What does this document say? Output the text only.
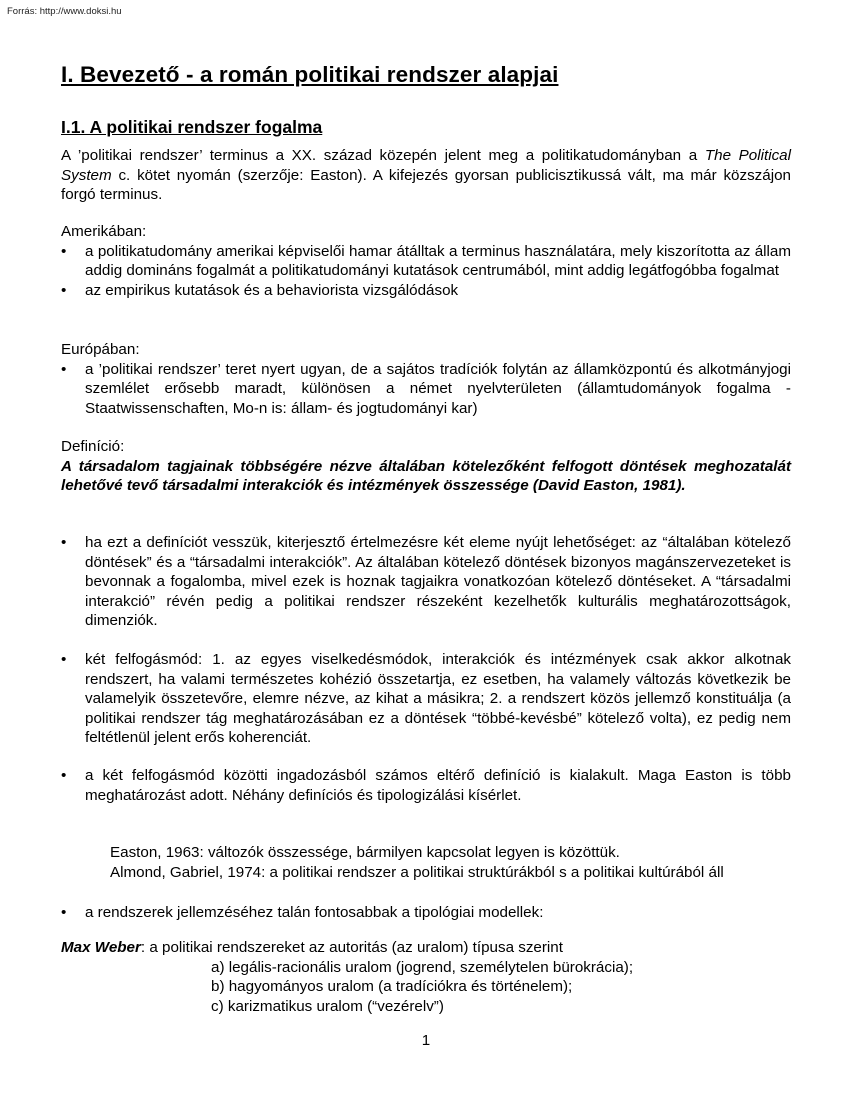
Forrás: http://www.doksi.hu
I. Bevezető - a román politikai rendszer alapjai
I.1. A politikai rendszer fogalma
A ’politikai rendszer’ terminus a XX. század közepén jelent meg a politikatudományban a The Political System c. kötet nyomán (szerzője: Easton). A kifejezés gyorsan publicisztikussá vált, ma már közszájon forgó terminus.
Amerikában:
• a politikatudomány amerikai képviselői hamar átálltak a terminus használatára, mely kiszorította az állam addig domináns fogalmát a politikatudományi kutatások centrumából, mint addig legátfogóbba fogalmat
• az empirikus kutatások és a behaviorista vizsgálódások
Európában:
• a ’politikai rendszer’ teret nyert ugyan, de a sajátos tradíciók folytán az államközpontú és alkotmányjogi szemlélet erősebb maradt, különösen a német nyelvterületen (államtudományok fogalma - Staatwissenschaften, Mo-n is: állam- és jogtudományi kar)
Definíció:
A társadalom tagjainak többségére nézve általában kötelezőként felfogott döntések meghozatalát lehetővé tevő társadalmi interakciók és intézmények összessége (David Easton, 1981).
• ha ezt a definíciót vesszük, kiterjesztő értelmezésre két eleme nyújt lehetőséget: az “általában kötelező döntések” és a “társadalmi interakciók”. Az általában kötelező döntések bizonyos magánszervezeteket is bevonnak a fogalomba, mivel ezek is hoznak tagjaikra vonatkozóan kötelező döntéseket. A “társadalmi interakció” révén pedig a politikai rendszer részeként kezelhetők kulturális meghatározottságok, dimenziók.
• két felfogásmód: 1. az egyes viselkedésmódok, interakciók és intézmények csak akkor alkotnak rendszert, ha valami természetes kohézió összetartja, ez esetben, ha valamely változás következik be valamelyik összetevőre, elemre nézve, az kihat a másikra; 2. a rendszert közös jellemző konstituálja (a politikai rendszer tág meghatározásában ez a döntések “többé-kevésbé” kötelező volta), ez pedig nem feltétlenül jelent erős koherenciát.
• a két felfogásmód közötti ingadozásból számos eltérő definíció is kialakult. Maga Easton is több meghatározást adott. Néhány definíciós és tipologizálási kísérlet.
Easton, 1963: változók összessége, bármilyen kapcsolat legyen is közöttük.
Almond, Gabriel, 1974: a politikai rendszer a politikai struktúrákból s a politikai kultúrából áll
• a rendszerek jellemzéséhez talán fontosabbak a tipológiai modellek:
Max Weber: a politikai rendszereket az autoritás (az uralom) típusa szerint
a) legális-racionális uralom (jogrend, személytelen bürokrácia);
b) hagyományos uralom (a tradíciókra és történelem);
c) karizmatikus uralom (“vezérelv”)
1
